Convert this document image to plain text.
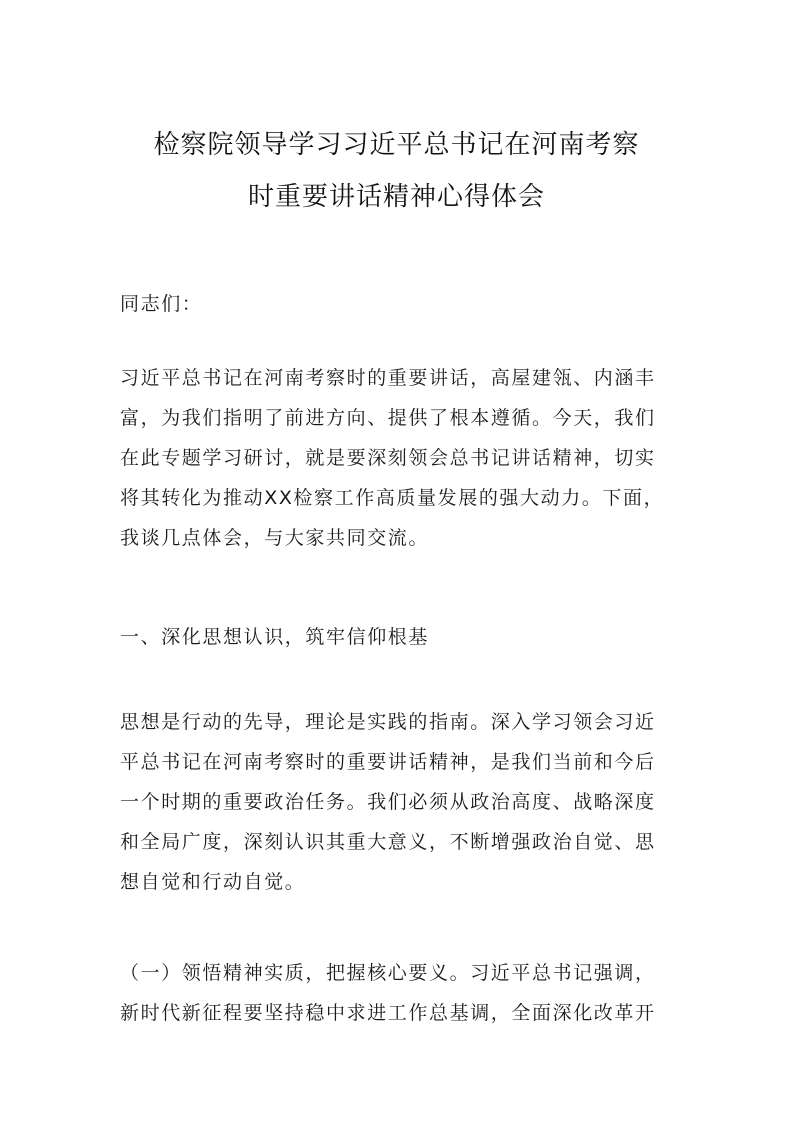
检察院领导学习习近平总书记在河南考察
时重要讲话精神心得体会
同志们：
习近平总书记在河南考察时的重要讲话，高屋建瓴、内涵丰
富，为我们指明了前进方向、提供了根本遵循。今天，我们
在此专题学习研讨，就是要深刻领会总书记讲话精神，切实
将其转化为推动XX检察工作高质量发展的强大动力。下面，
我谈几点体会，与大家共同交流。
一、深化思想认识，筑牢信仰根基
思想是行动的先导，理论是实践的指南。深入学习领会习近
平总书记在河南考察时的重要讲话精神，是我们当前和今后
一个时期的重要政治任务。我们必须从政治高度、战略深度
和全局广度，深刻认识其重大意义，不断增强政治自觉、思
想自觉和行动自觉。
（一）领悟精神实质，把握核心要义。习近平总书记强调，
新时代新征程要坚持稳中求进工作总基调，全面深化改革开
